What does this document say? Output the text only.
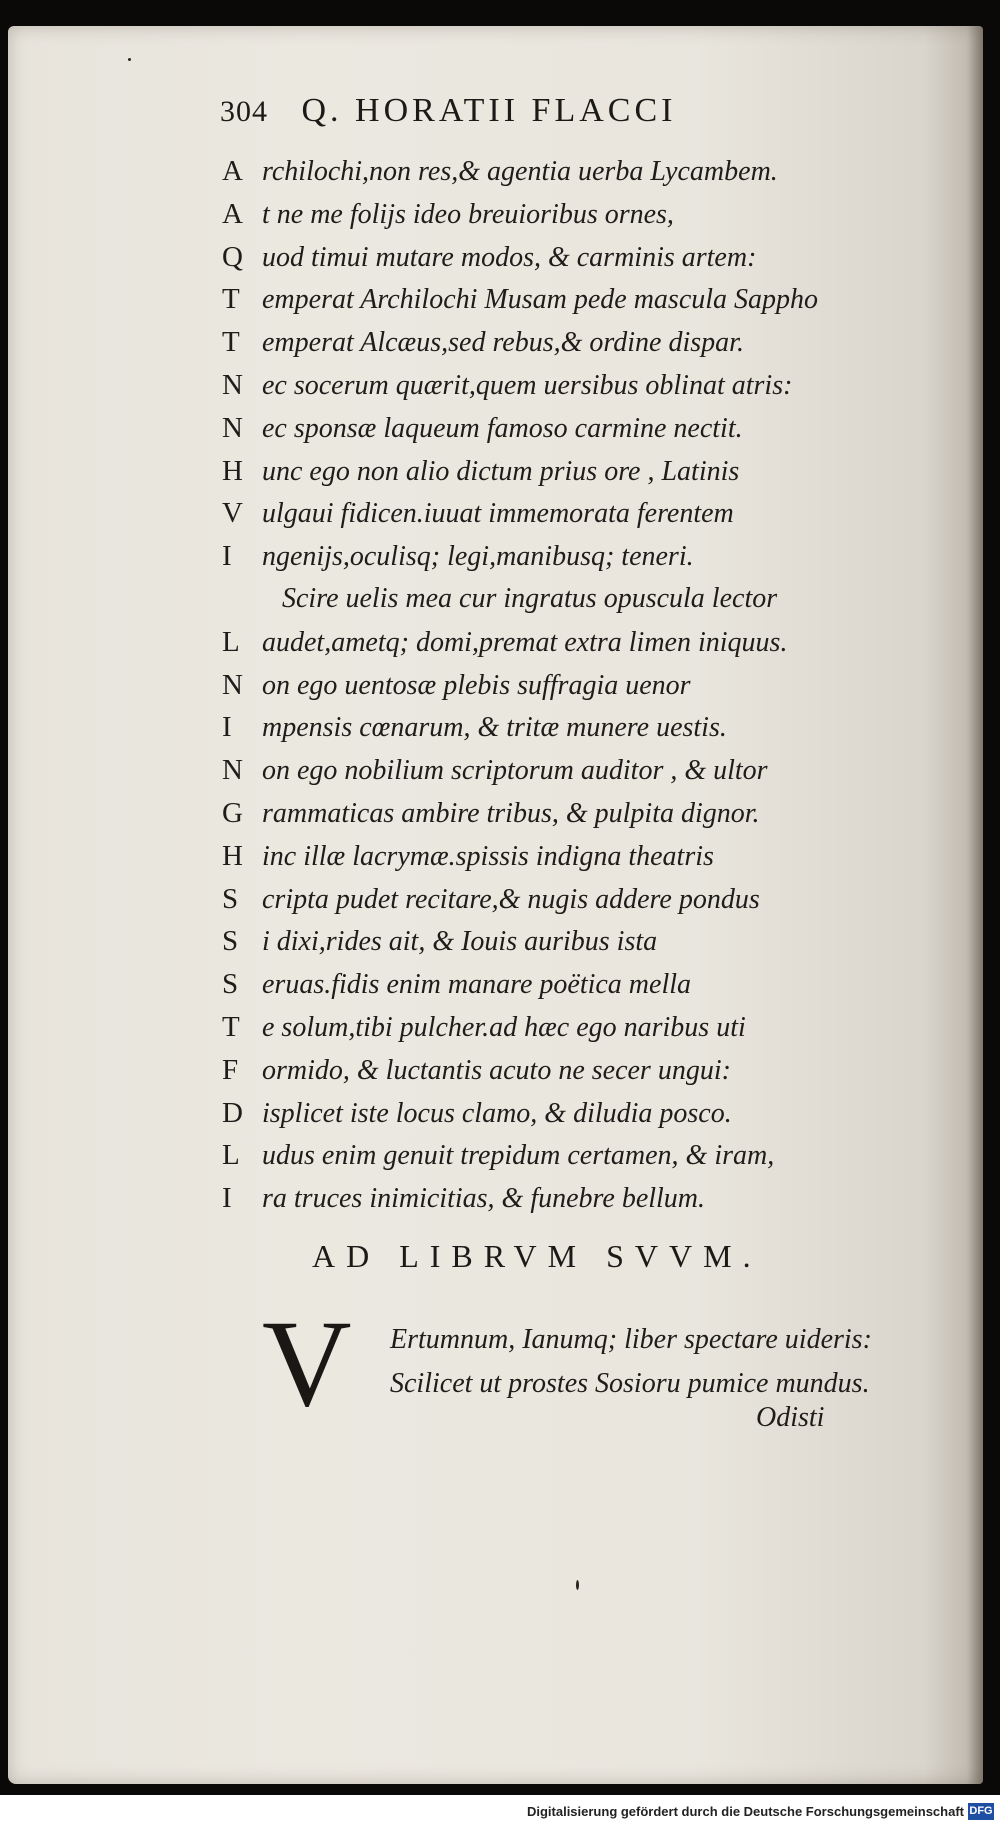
304 Q. HORATII FLACCI
A rchilochi,non res,& agentia uerba Lycambem.
A t ne me folijs ideo breuioribus ornes,
Q uod timui mutare modos, & carminis artem:
T emperat Archilochi Musam pede mascula Sappho
T emperat Alcæus,sed rebus,& ordine dispar.
N ec socerum quærit,quem uersibus oblinat atris:
N ec sponsæ laqueum famoso carmine nectit.
H unc ego non alio dictum prius ore , Latinis
V ulgaui fidicen.iuuat immemorata ferentem
I	ngenijs,oculisq; legi,manibusq; teneri.
Scire uelis mea cur ingratus opuscula lector
L audet,ametq; domi,premat extra limen iniquus.
N on ego uentosæ plebis suffragia uenor
I	mpensis cœnarum, & tritæ munere uestis.
N on ego nobilium scriptorum auditor , & ultor
G rammaticas ambire tribus, & pulpita dignor.
H inc illæ lacrymæ.spissis indigna theatris
S cripta pudet recitare,& nugis addere pondus
S i dixi,rides ait, & Iouis auribus ista
S eruas.fidis enim manare poëtica mella
T e solum,tibi pulcher.ad hæc ego naribus uti
F ormido, & luctantis acuto ne secer ungui:
D isplicet iste locus clamo, & diludia posco.
L udus enim genuit trepidum certamen, & iram,
I	ra truces inimicitias, & funebre bellum.
AD LIBRVM SVVM.
V Ertumnum, Ianumq; liber spectare uideris:
Scilicet ut prostes Sosioru pumice mundus.
Odisti
Digitalisierung gefördert durch die Deutsche Forschungsgemeinschaft DFG
